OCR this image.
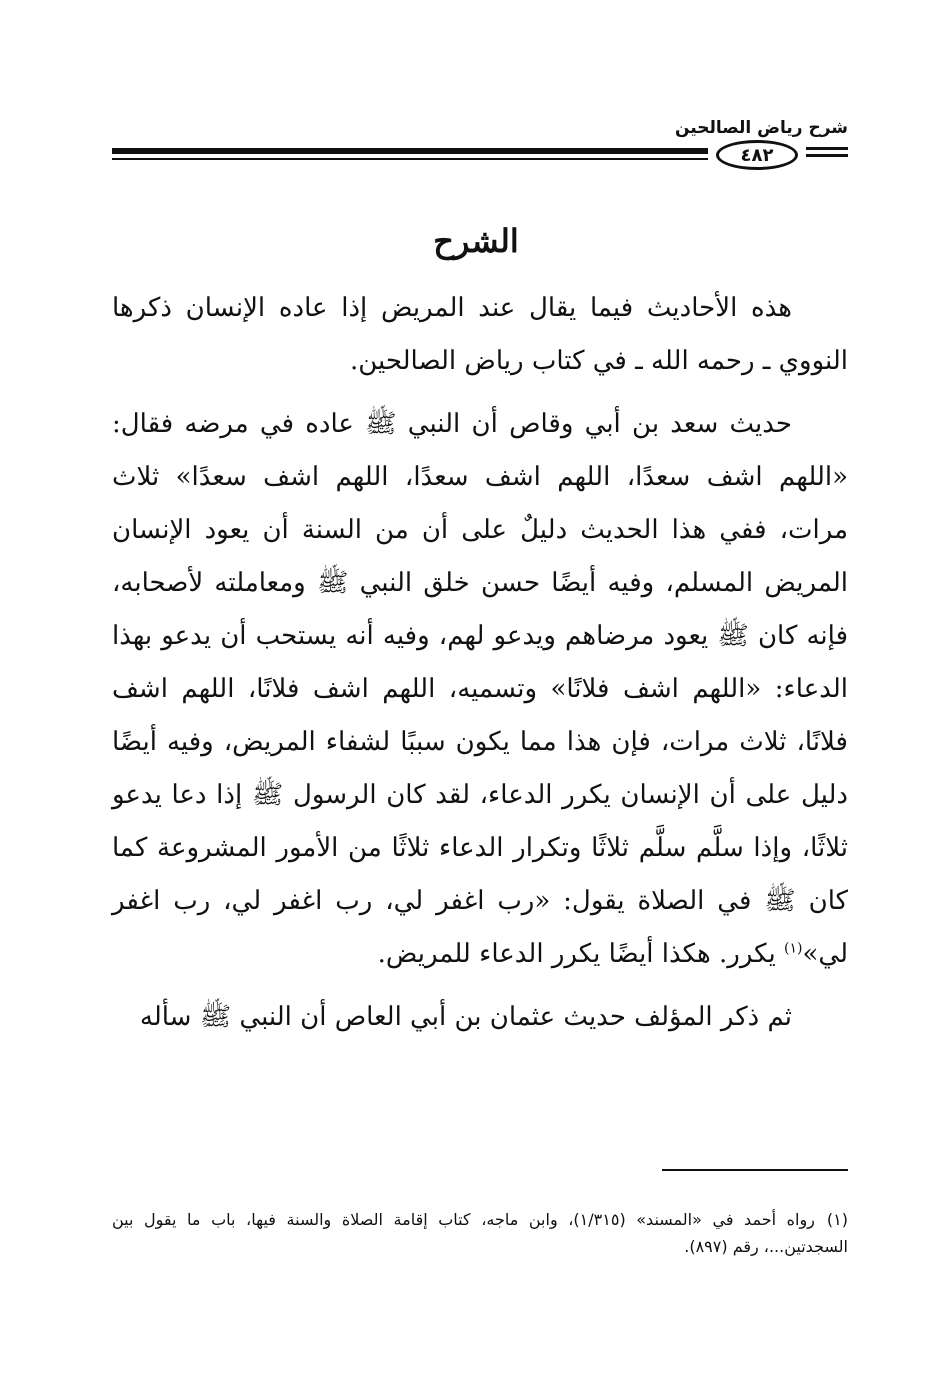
شرح رياض الصالحين
٤٨٢
الشرح

هذه الأحاديث فيما يقال عند المريض إذا عاده الإنسان ذكرها النووي ـ رحمه الله ـ في كتاب رياض الصالحين.

حديث سعد بن أبي وقاص أن النبي ﷺ عاده في مرضه فقال: «اللهم اشف سعدًا، اللهم اشف سعدًا، اللهم اشف سعدًا» ثلاث مرات، ففي هذا الحديث دليلٌ على أن من السنة أن يعود الإنسان المريض المسلم، وفيه أيضًا حسن خلق النبي ﷺ ومعاملته لأصحابه، فإنه كان ﷺ يعود مرضاهم ويدعو لهم، وفيه أنه يستحب أن يدعو بهذا الدعاء: «اللهم اشف فلانًا» وتسميه، اللهم اشف فلانًا، اللهم اشف فلانًا، ثلاث مرات، فإن هذا مما يكون سببًا لشفاء المريض، وفيه أيضًا دليل على أن الإنسان يكرر الدعاء، لقد كان الرسول ﷺ إذا دعا يدعو ثلاثًا، وإذا سلَّم سلَّم ثلاثًا وتكرار الدعاء ثلاثًا من الأمور المشروعة كما كان ﷺ في الصلاة يقول: «رب اغفر لي، رب اغفر لي، رب اغفر لي»$^{(١)}$ يكرر. هكذا أيضًا يكرر الدعاء للمريض.

ثم ذكر المؤلف حديث عثمان بن أبي العاص أن النبي ﷺ سأله

(١)رواه أحمد في «المسند» (١/٣١٥)، وابن ماجه، كتاب إقامة الصلاة والسنة فيها، باب ما يقول بين السجدتين...، رقم (٨٩٧).
